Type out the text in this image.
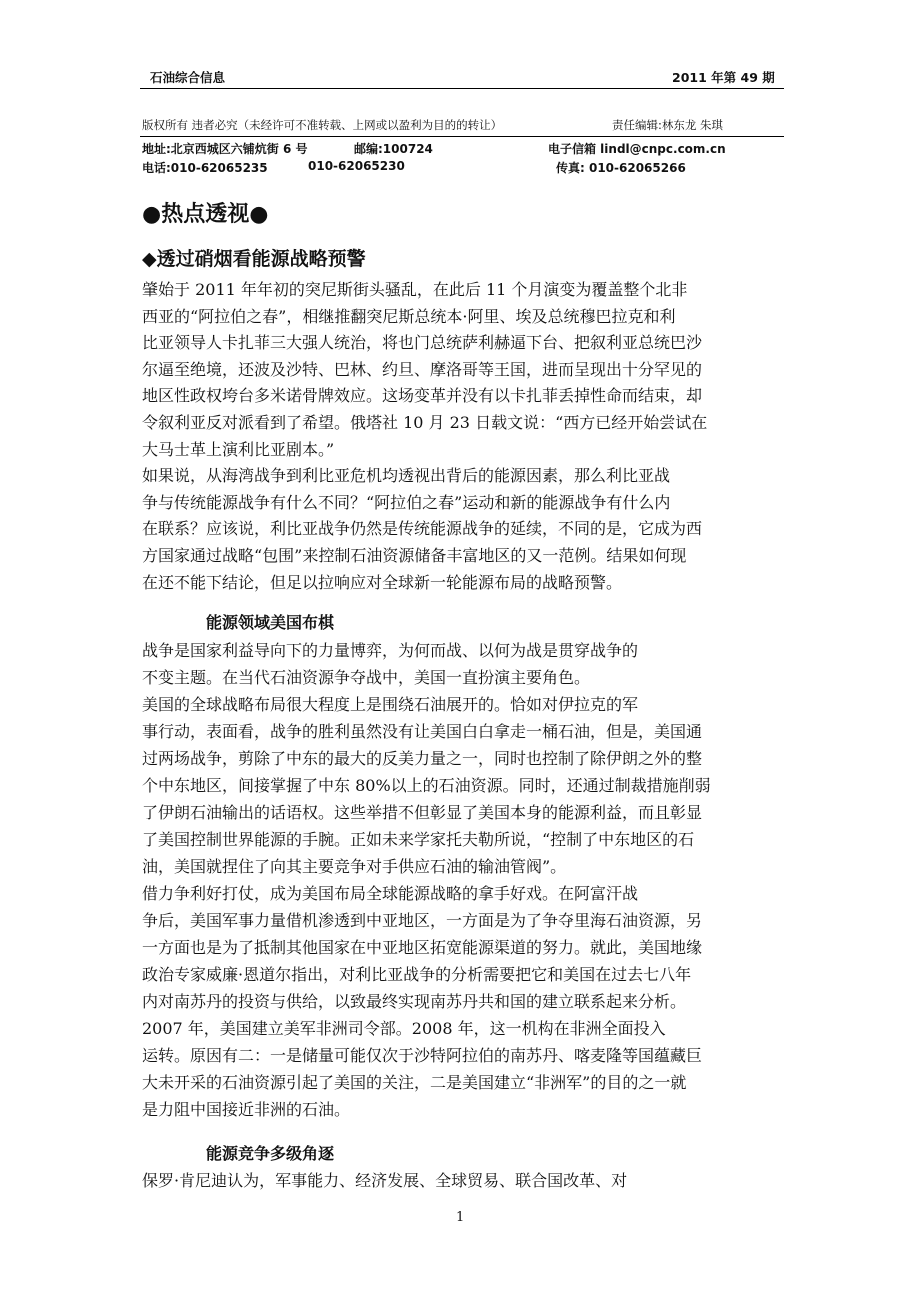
石油综合信息	2011 年第 49 期
版权所有 违者必究（未经许可不准转载、上网或以盈利为目的的转让）	责任编辑:林东龙 朱琪
地址:北京西城区六铺炕街 6 号	邮编:100724	电子信箱 lindl@cnpc.com.cn
电话:010-62065235	010-62065230	传真: 010-62065266
●热点透视●
◆透过硝烟看能源战略预警
肇始于 2011 年年初的突尼斯街头骚乱，在此后 11 个月演变为覆盖整个北非
西亚的“阿拉伯之春”，相继推翻突尼斯总统本·阿里、埃及总统穆巴拉克和利
比亚领导人卡扎菲三大强人统治，将也门总统萨利赫逼下台、把叙利亚总统巴沙
尔逼至绝境，还波及沙特、巴林、约旦、摩洛哥等王国，进而呈现出十分罕见的
地区性政权垮台多米诺骨牌效应。这场变革并没有以卡扎菲丢掉性命而结束，却
令叙利亚反对派看到了希望。俄塔社 10 月 23 日载文说：“西方已经开始尝试在
大马士革上演利比亚剧本。”
如果说，从海湾战争到利比亚危机均透视出背后的能源因素，那么利比亚战
争与传统能源战争有什么不同？“阿拉伯之春”运动和新的能源战争有什么内
在联系？应该说，利比亚战争仍然是传统能源战争的延续，不同的是，它成为西
方国家通过战略“包围”来控制石油资源储备丰富地区的又一范例。结果如何现
在还不能下结论，但足以拉响应对全球新一轮能源布局的战略预警。
能源领域美国布棋
战争是国家利益导向下的力量博弈，为何而战、以何为战是贯穿战争的
不变主题。在当代石油资源争夺战中，美国一直扮演主要角色。
美国的全球战略布局很大程度上是围绕石油展开的。恰如对伊拉克的军
事行动，表面看，战争的胜利虽然没有让美国白白拿走一桶石油，但是，美国通
过两场战争，剪除了中东的最大的反美力量之一，同时也控制了除伊朗之外的整
个中东地区，间接掌握了中东 80%以上的石油资源。同时，还通过制裁措施削弱
了伊朗石油输出的话语权。这些举措不但彰显了美国本身的能源利益，而且彰显
了美国控制世界能源的手腕。正如未来学家托夫勒所说，“控制了中东地区的石
油，美国就捏住了向其主要竞争对手供应石油的输油管阀”。
借力争利好打仗，成为美国布局全球能源战略的拿手好戏。在阿富汗战
争后，美国军事力量借机渗透到中亚地区，一方面是为了争夺里海石油资源，另
一方面也是为了抵制其他国家在中亚地区拓宽能源渠道的努力。就此，美国地缘
政治专家威廉·恩道尔指出，对利比亚战争的分析需要把它和美国在过去七八年
内对南苏丹的投资与供给，以致最终实现南苏丹共和国的建立联系起来分析。
2007 年，美国建立美军非洲司令部。2008 年，这一机构在非洲全面投入
运转。原因有二：一是储量可能仅次于沙特阿拉伯的南苏丹、喀麦隆等国蕴藏巨
大未开采的石油资源引起了美国的关注，二是美国建立“非洲军”的目的之一就
是力阻中国接近非洲的石油。
能源竞争多级角逐
保罗·肯尼迪认为，军事能力、经济发展、全球贸易、联合国改革、对
1
